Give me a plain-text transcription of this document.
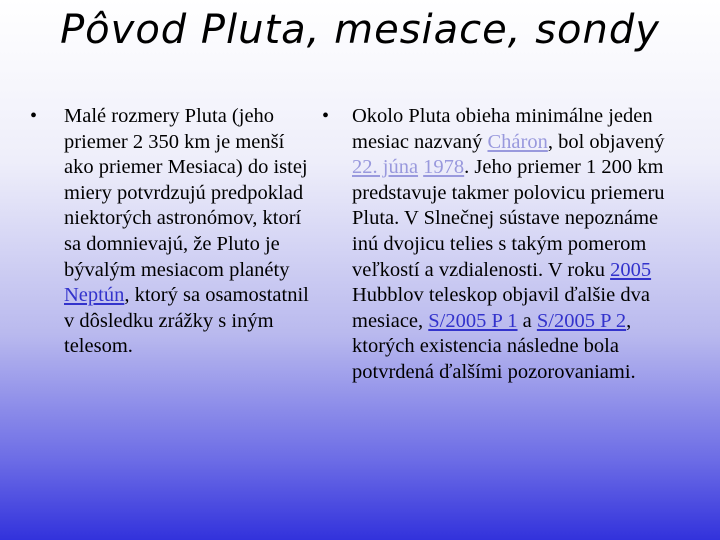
Pôvod Pluta, mesiace, sondy
• Malé rozmery Pluta (jeho priemer 2 350 km je menší ako priemer Mesiaca) do istej miery potvrdzujú predpoklad niektorých astronómov, ktorí sa domnievajú, že Pluto je bývalým mesiacom planéty Neptún, ktorý sa osamostatnil v dôsledku zrážky s iným telesom.
• Okolo Pluta obieha minimálne jeden mesiac nazvaný Cháron, bol objavený 22. júna 1978. Jeho priemer 1 200 km predstavuje takmer polovicu priemeru Pluta. V Slnečnej sústave nepoznáme inú dvojicu telies s takým pomerom veľkostí a vzdialenosti. V roku 2005 Hubblov teleskop objavil ďalšie dva mesiace, S/2005 P 1 a S/2005 P 2, ktorých existencia následne bola potvrdená ďalšími pozorovaniami.
